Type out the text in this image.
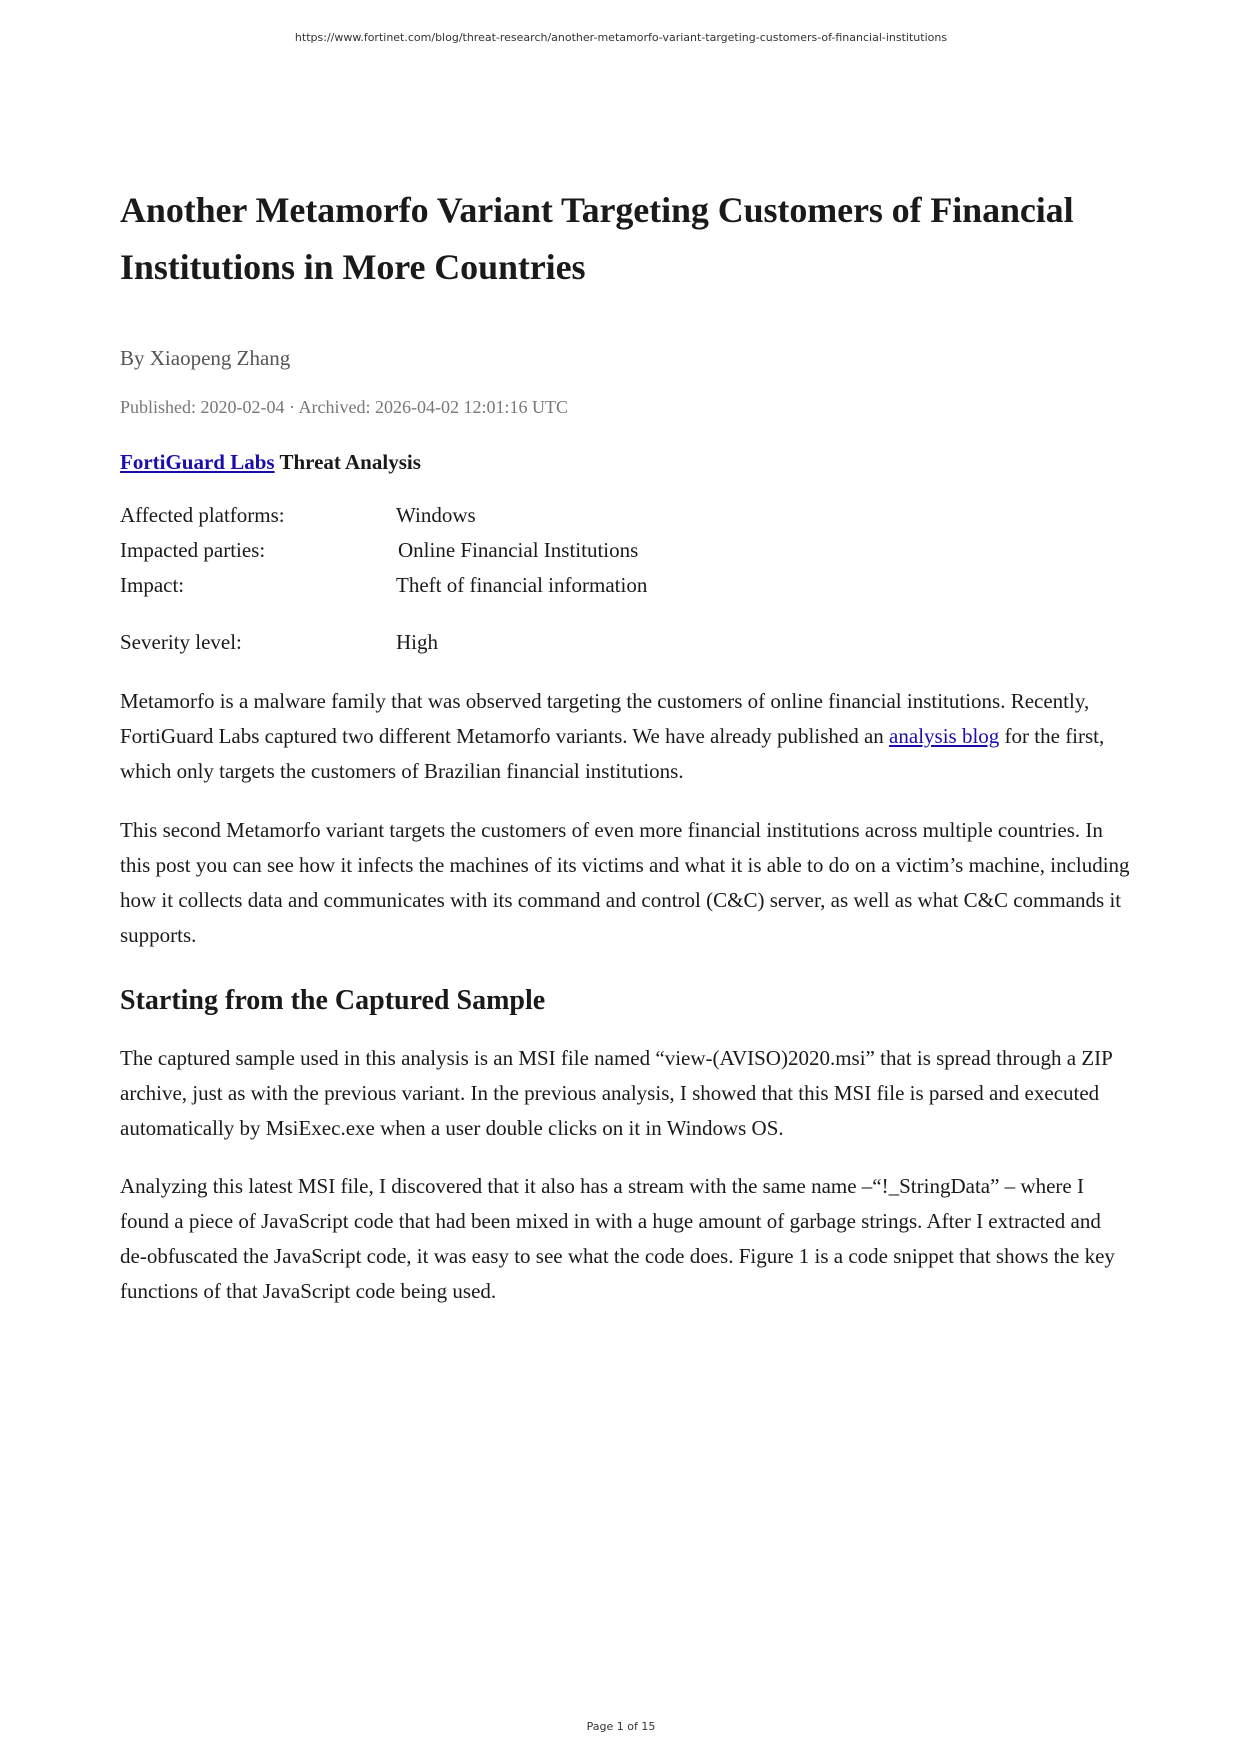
https://www.fortinet.com/blog/threat-research/another-metamorfo-variant-targeting-customers-of-financial-institutions
Another Metamorfo Variant Targeting Customers of Financial Institutions in More Countries
By Xiaopeng Zhang
Published: 2020-02-04 · Archived: 2026-04-02 12:01:16 UTC
FortiGuard Labs Threat Analysis
Affected platforms:	Windows
Impacted parties:	Online Financial Institutions
Impact:	Theft of financial information
Severity level:	High

Metamorfo is a malware family that was observed targeting the customers of online financial institutions. Recently, FortiGuard Labs captured two different Metamorfo variants. We have already published an analysis blog for the first, which only targets the customers of Brazilian financial institutions.

This second Metamorfo variant targets the customers of even more financial institutions across multiple countries. In this post you can see how it infects the machines of its victims and what it is able to do on a victim’s machine, including how it collects data and communicates with its command and control (C&C) server, as well as what C&C commands it supports.

Starting from the Captured Sample

The captured sample used in this analysis is an MSI file named “view-(AVISO)2020.msi” that is spread through a ZIP archive, just as with the previous variant. In the previous analysis, I showed that this MSI file is parsed and executed automatically by MsiExec.exe when a user double clicks on it in Windows OS.

Analyzing this latest MSI file, I discovered that it also has a stream with the same name –“!_StringData” – where I found a piece of JavaScript code that had been mixed in with a huge amount of garbage strings. After I extracted and de-obfuscated the JavaScript code, it was easy to see what the code does. Figure 1 is a code snippet that shows the key functions of that JavaScript code being used.

Page 1 of 15
